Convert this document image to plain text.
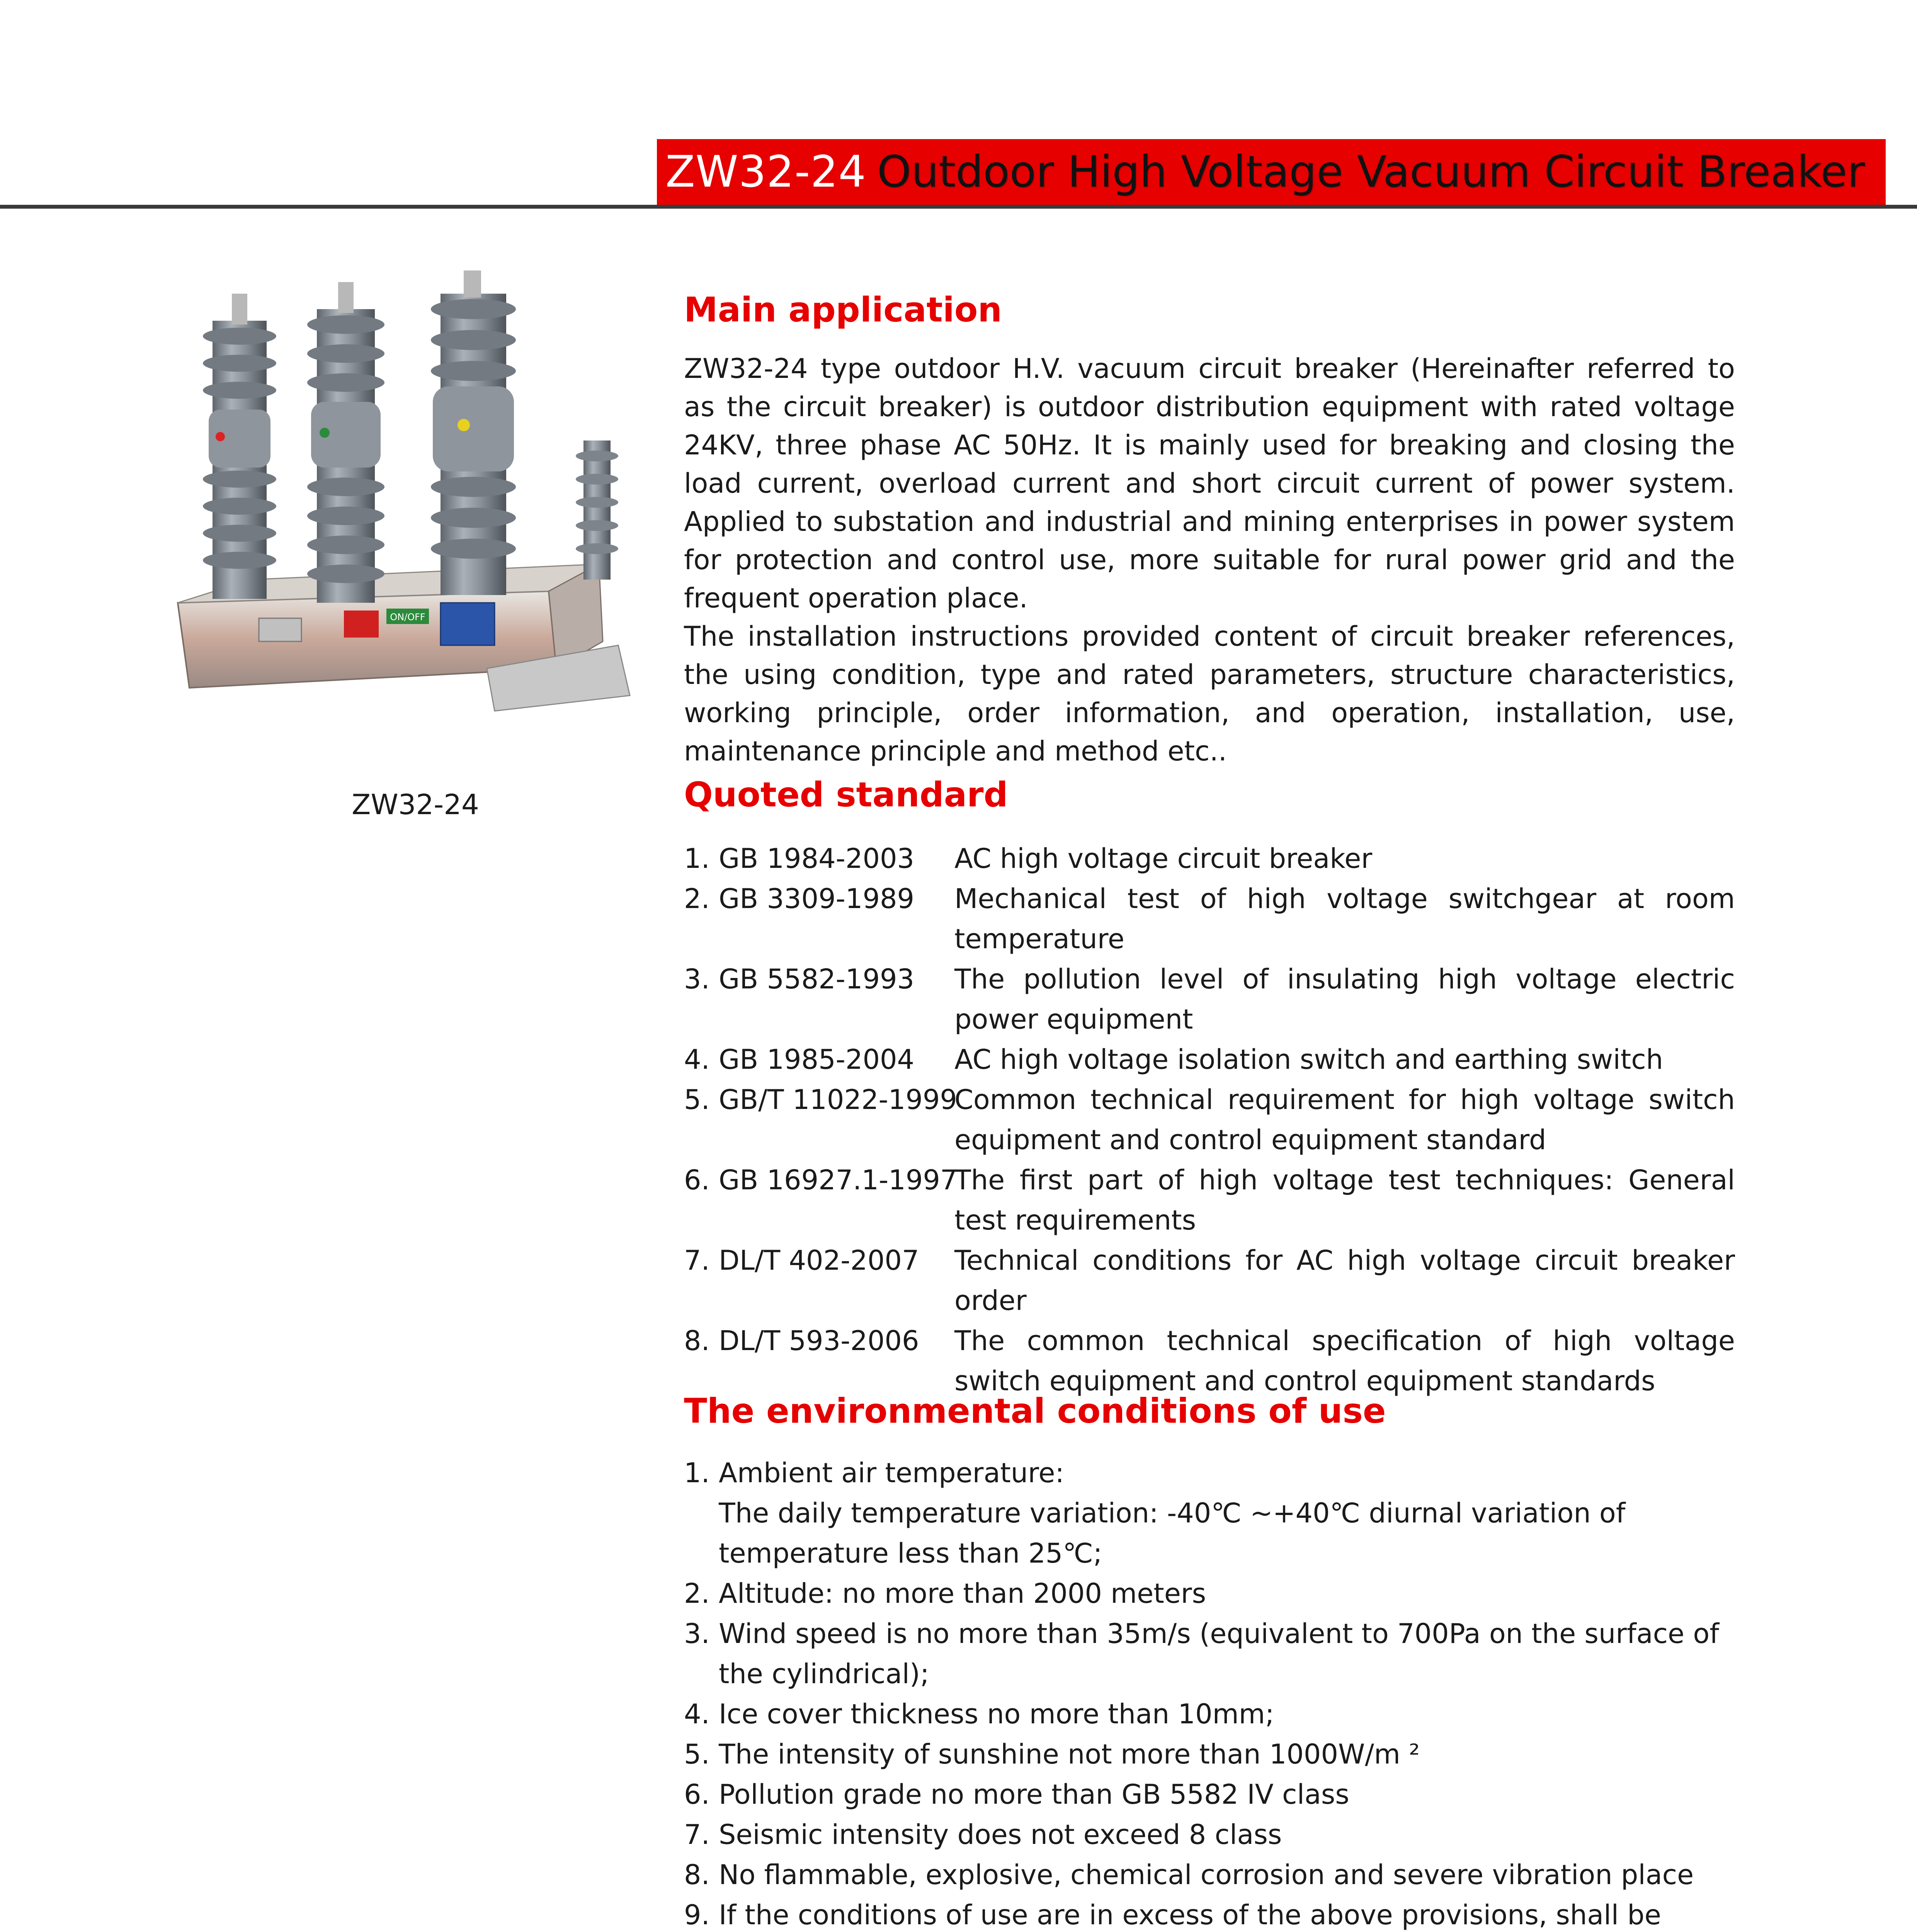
ZW32-24 Outdoor High Voltage Vacuum Circuit Breaker
ON/OFF
ZW32-24
Main application

ZW32-24 type outdoor H.V. vacuum circuit breaker (Hereinafter referred to as the circuit breaker) is outdoor distribution equipment with rated voltage 24KV, three phase AC 50Hz. It is mainly used for breaking and closing the load current, overload current and short circuit current of power system. Applied to substation and industrial and mining enterprises in power system for protection and control use, more suitable for rural power grid and the frequent operation place.

The installation instructions provided content of circuit breaker references, the using condition, type and rated parameters, structure characteristics, working principle, order information, and operation, installation, use, maintenance principle and method etc..

Quoted standard
1. GB 1984-2003	AC high voltage circuit breaker
2. GB 3309-1989	Mechanical test of high voltage switchgear at room temperature
3. GB 5582-1993	The pollution level of insulating high voltage electric power equipment
4. GB 1985-2004	AC high voltage isolation switch and earthing switch
5. GB/T 11022-1999
Common technical requirement for high voltage switch equipment and control equipment standard
6. GB 16927.1-1997
The first part of high voltage test techniques: General test requirements
7. DL/T 402-2007	Technical conditions for AC high voltage circuit breaker order
8. DL/T 593-2006	The common technical specification of high voltage switch equipment and control equipment standards
The environmental conditions of use
1. Ambient air temperature:
The daily temperature variation: -40℃ ~+40℃ diurnal variation of temperature less than 25℃;
2. Altitude: no more than 2000 meters
3. Wind speed is no more than 35m/s (equivalent to 700Pa on the surface of the cylindrical);
4. Ice cover thickness no more than 10mm;
5. The intensity of sunshine not more than 1000W/m ²
6. Pollution grade no more than GB 5582 IV class
7. Seismic intensity does not exceed 8 class
8. No flammable, explosive, chemical corrosion and severe vibration place
9. If the conditions of use are in excess of the above provisions, shall be
